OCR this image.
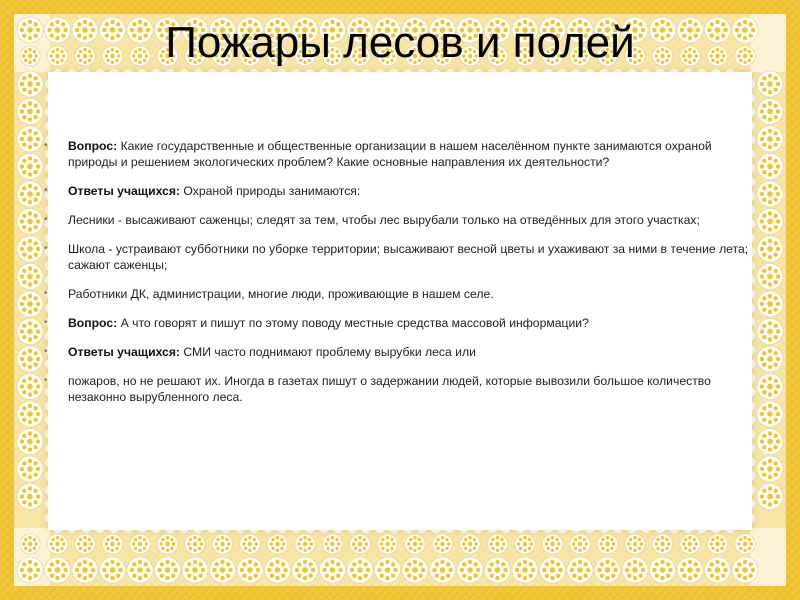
Пожары лесов и полей
• Вопрос: Какие государственные и общественные организации в нашем населённом пункте занимаются охраной природы и решением экологических проблем? Какие основные направления их деятельности?
• Ответы учащихся: Охраной природы занимаются:
• Лесники - высаживают саженцы; следят за тем, чтобы лес вырубали только на отведённых для этого участках;
• Школа - устраивают субботники по уборке территории; высаживают весной цветы и ухаживают за ними в течение лета; сажают саженцы;
• Работники ДК, администрации, многие люди, проживающие в нашем селе.
• Вопрос: А что говорят и пишут по этому поводу местные средства массовой информации?
• Ответы учащихся: СМИ часто поднимают проблему вырубки леса или
• пожаров, но не решают их. Иногда в газетах пишут о задержании людей, которые вывозили большое количество незаконно вырубленного леса.
